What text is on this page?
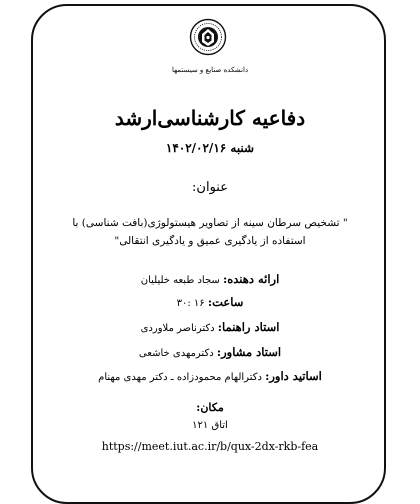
دانشکده صنایع و سیستمها
دفاعیه کارشناسی‌ارشد
شنبه ۱۴۰۲/۰۲/۱۶
عنوان:
" تشخیص سرطان سینه از تصاویر هیستولوژی(بافت شناسی) با استفاده از یادگیری عمیق و یادگیری انتقالی"
ارائه دهنده: سجاد طبعه خلیلیان
ساعت: ۱۶ :۳۰
استاد راهنما: دکترناصر ملاوردی
استاد مشاور: دکترمهدی خاشعی
اساتید داور: دکترالهام محمودزاده ـ دکتر مهدی مهنام
مکان:
اتاق ۱۲۱
https://meet.iut.ac.ir/b/qux-2dx-rkb-fea
